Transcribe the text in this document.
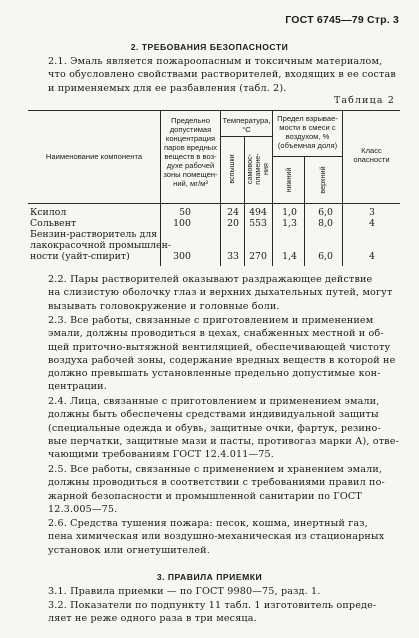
ГОСТ 6745—79 Стр. 3
2. ТРЕБОВАНИЯ БЕЗОПАСНОСТИ

2.1. Эмаль является пожароопасным и токсичным материалом,
что обусловлено свойствами растворителей, входящих в ее состав
и применяемых для ее разбавления (табл. 2).

Таблица 2
Наименование компонента
Предельно
допустимая
концентрация
паров вредных
веществ в воз-
духе рабочей
зоны помещен-
ний, мг/м³
Температура,
°С
вспышки самовос- пламене- ния
Предел взрывае-
мости в смеси с
воздухом, %
(объемная доля)
нижний	верхний
Класс
опасности
Ксилол	50	24	494	1,0	6,0	3
Сольвент	100	20	553	1,3	8,0	4
Бензин-растворитель для
лакокрасочной промышлен-
ности (уайт-спирит)	300	33	270	1,4	6,0	4

2.2. Пары растворителей оказывают раздражающее действие
на слизистую оболочку глаз и верхних дыхательных путей, могут
вызывать головокружение и головные боли.

2.3. Все работы, связанные с приготовлением и применением
эмали, должны проводиться в цехах, снабженных местной и об-
щей приточно-вытяжной вентиляцией, обеспечивающей чистоту
воздуха рабочей зоны, содержание вредных веществ в которой не
должно превышать установленные предельно допустимые кон-
центрации.

2.4. Лица, связанные с приготовлением и применением эмали,
должны быть обеспечены средствами индивидуальной защиты
(специальные одежда и обувь, защитные очки, фартук, резино-
вые перчатки, защитные мази и пасты, противогаз марки А), отве-
чающими требованиям ГОСТ 12.4.011—75.

2.5. Все работы, связанные с применением и хранением эмали,
должны проводиться в соответствии с требованиями правил по-
жарной безопасности и промышленной санитарии по ГОСТ
12.3.005—75.

2.6. Средства тушения пожара: песок, кошма, инертный газ,
пена химическая или воздушно-механическая из стационарных
установок или огнетушителей.

3. ПРАВИЛА ПРИЕМКИ

3.1. Правила приемки — по ГОСТ 9980—75, разд. 1.

3.2. Показатели по подпункту 11 табл. 1 изготовитель опреде-
ляет не реже одного раза в три месяца.
